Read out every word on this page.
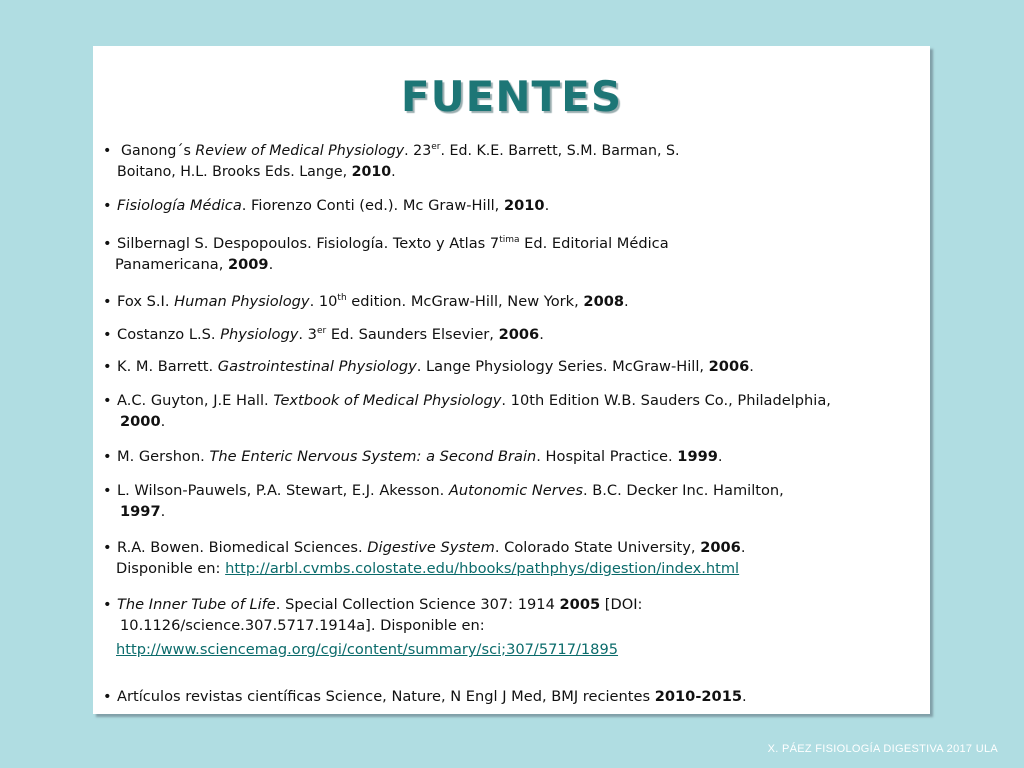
FUENTES
• Ganong´s Review of Medical Physiology. 23er. Ed. K.E. Barrett, S.M. Barman, S.
Boitano, H.L. Brooks Eds. Lange, 2010.
• Fisiología Médica. Fiorenzo Conti (ed.). Mc Graw-Hill, 2010.
• Silbernagl S. Despopoulos. Fisiología. Texto y Atlas $7^{tima}$ Ed. Editorial Médica
Panamericana, 2009.
• Fox S.I. Human Physiology. 10th edition. McGraw-Hill, New York, 2008.
• Costanzo L.S. Physiology. 3er Ed. Saunders Elsevier, 2006.
• K. M. Barrett. Gastrointestinal Physiology. Lange Physiology Series. McGraw-Hill, 2006.
• A.C. Guyton, J.E Hall. Textbook of Medical Physiology. 10th Edition W.B. Sauders Co., Philadelphia,
2000.
• M. Gershon. The Enteric Nervous System: a Second Brain. Hospital Practice. 1999.
• L. Wilson-Pauwels, P.A. Stewart, E.J. Akesson. Autonomic Nerves. B.C. Decker Inc. Hamilton,
1997.
• R.A. Bowen. Biomedical Sciences. Digestive System. Colorado State University, 2006.
Disponible en: http://arbl.cvmbs.colostate.edu/hbooks/pathphys/digestion/index.html
• The Inner Tube of Life. Special Collection Science 307: 1914 2005 [DOI:
10.1126/science.307.5717.1914a]. Disponible en:
http://www.sciencemag.org/cgi/content/summary/sci;307/5717/1895
• Artículos revistas científicas Science, Nature, N Engl J Med, BMJ recientes 2010-2015.
X. PÁEZ FISIOLOGÍA DIGESTIVA 2017 ULA
